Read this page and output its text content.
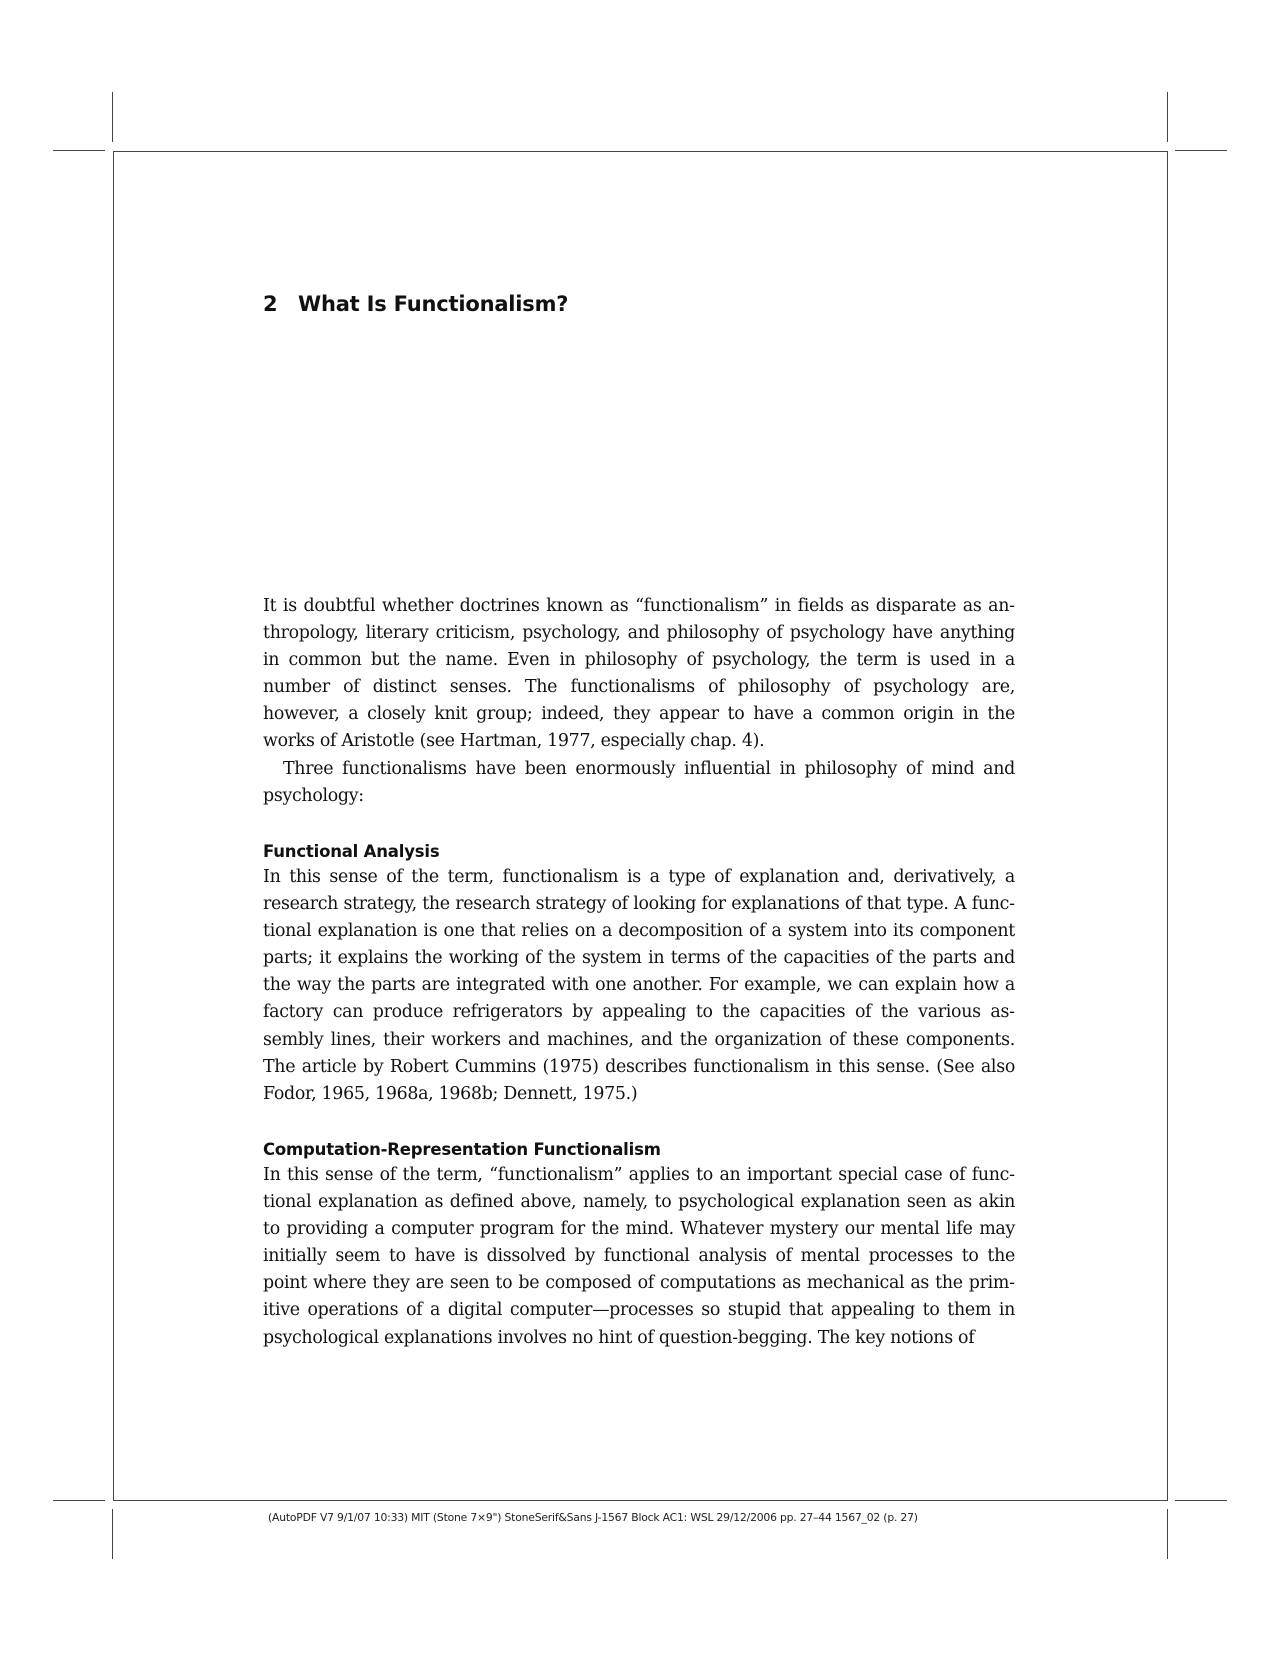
2 What Is Functionalism?

It is doubtful whether doctrines known as “functionalism” in fields as disparate as anthropology, literary criticism, psychology, and philosophy of psychology have anything in common but the name. Even in philosophy of psychology, the term is used in a number of distinct senses. The functionalisms of philosophy of psychology are, however, a closely knit group; indeed, they appear to have a common origin in the works of Aristotle (see Hartman, 1977, especially chap. 4).

Three functionalisms have been enormously influential in philosophy of mind and psychology:

Functional Analysis

In this sense of the term, functionalism is a type of explanation and, derivatively, a research strategy, the research strategy of looking for explanations of that type. A functional explanation is one that relies on a decomposition of a system into its component parts; it explains the working of the system in terms of the capacities of the parts and the way the parts are integrated with one another. For example, we can explain how a factory can produce refrigerators by appealing to the capacities of the various assembly lines, their workers and machines, and the organization of these components. The article by Robert Cummins (1975) describes functionalism in this sense. (See also Fodor, 1965, 1968a, 1968b; Dennett, 1975.)

Computation-Representation Functionalism

In this sense of the term, “functionalism” applies to an important special case of functional explanation as defined above, namely, to psychological explanation seen as akin to providing a computer program for the mind. Whatever mystery our mental life may initially seem to have is dissolved by functional analysis of mental processes to the point where they are seen to be composed of computations as mechanical as the primitive operations of a digital computer—processes so stupid that appealing to them in psychological explanations involves no hint of question-begging. The key notions of

(AutoPDF V7 9/1/07 10:33) MIT (Stone 7×9") StoneSerif&Sans J-1567 Block AC1: WSL 29/12/2006 pp. 27–44 1567_02 (p. 27)
